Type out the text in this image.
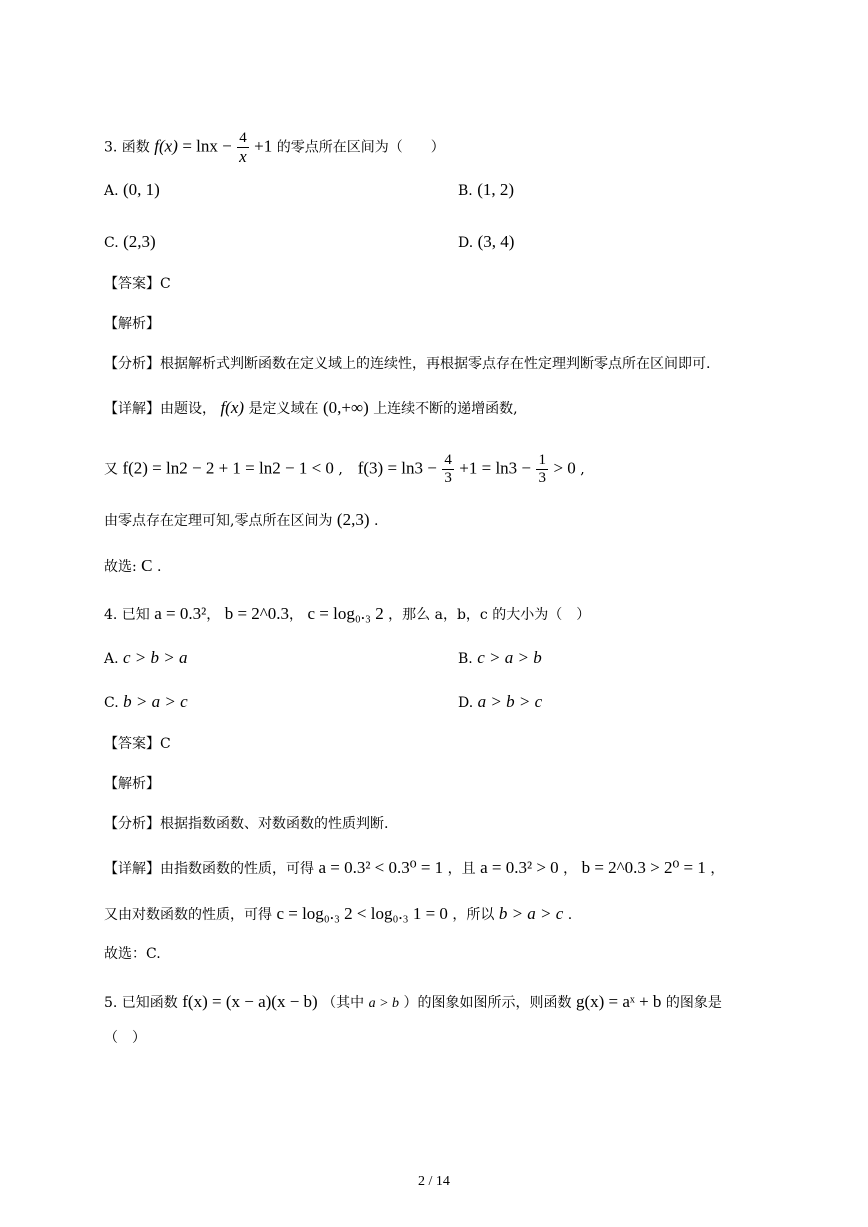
3. 函数 $f(x) = \ln x - \frac{4}{x} +1$ 的零点所在区间为（　　）
A. (0, 1)	B. (1, 2)
C. (2,3)	D. (3, 4)
【答案】C
【解析】
【分析】根据解析式判断函数在定义域上的连续性，再根据零点存在性定理判断零点所在区间即可.
【详解】由题设， f(x) 是定义域在 (0,+∞) 上连续不断的递增函数,
又 f(2) = ln2 − 2 + 1 = ln2 − 1 < 0 , $f(3) = \ln 3 - \frac{4}{3} +1 = \ln 3 - \frac{1}{3} > 0$ ,
由零点存在定理可知,零点所在区间为 (2,3) .
故选: C .
4. 已知 a = 0.3²， b = 2^0.3， c = log₀.₃ 2 ，那么 a，b，c 的大小为（　）
A. c > b > a	B. c > a > b
C. b > a > c	D. a > b > c
【答案】C
【解析】
【分析】根据指数函数、对数函数的性质判断.
【详解】由指数函数的性质，可得 a = 0.3² < 0.3⁰ = 1 ，且 a = 0.3² > 0 ， b = 2^0.3 > 2⁰ = 1 ，
又由对数函数的性质，可得 c = log₀.₃ 2 < log₀.₃ 1 = 0 ，所以 b > a > c .
故选：C.
5. 已知函数 f(x) = (x − a)(x − b) （其中 a > b ）的图象如图所示，则函数 g(x) = aˣ + b 的图象是
（　）
2 / 14
